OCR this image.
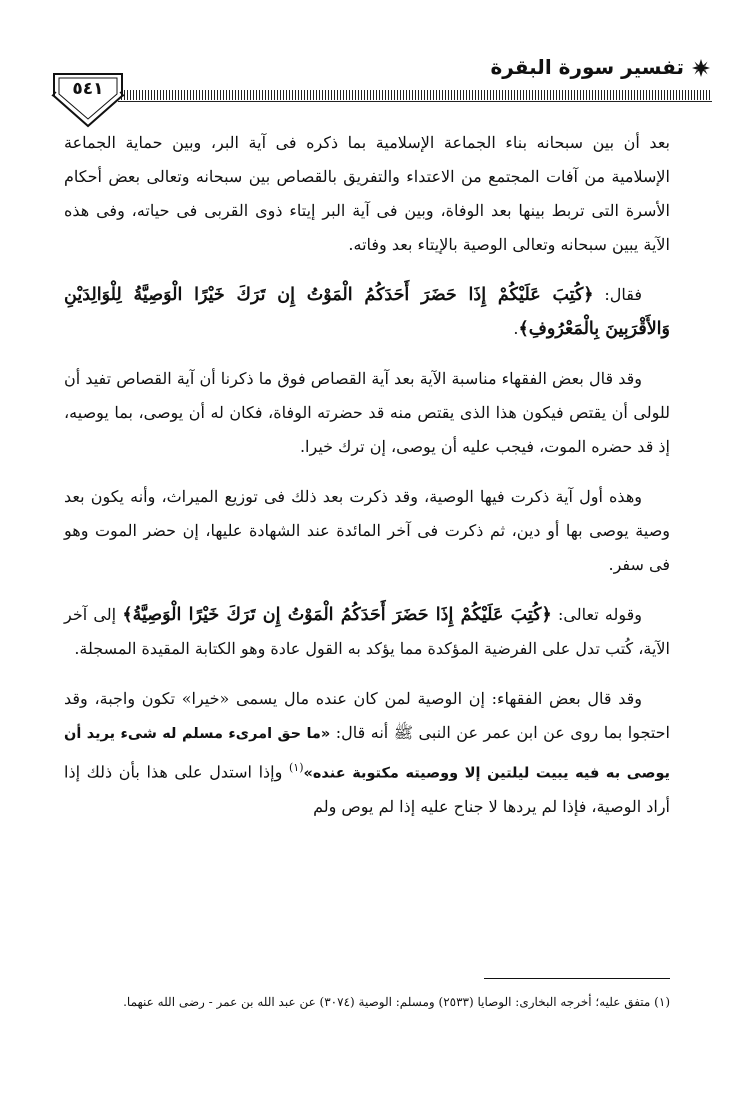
تفسير سورة البقرة
٥٤١

بعد أن بين سبحانه بناء الجماعة الإسلامية بما ذكره فى آية البر، وبين حماية الجماعة الإسلامية من آفات المجتمع من الاعتداء والتفريق بالقصاص بين سبحانه وتعالى بعض أحكام الأسرة التى تربط بينها بعد الوفاة، وبين فى آية البر إيتاء ذوى القربى فى حياته، وفى هذه الآية يبين سبحانه وتعالى الوصية بالإيتاء بعد وفاته.

فقال: ﴿كُتِبَ عَلَيْكُمْ إِذَا حَضَرَ أَحَدَكُمُ الْمَوْتُ إِن تَرَكَ خَيْرًا الْوَصِيَّةُ لِلْوَالِدَيْنِ وَالأَقْرَبِينَ بِالْمَعْرُوفِ﴾.

وقد قال بعض الفقهاء مناسبة الآية بعد آية القصاص فوق ما ذكرنا أن آية القصاص تفيد أن للولى أن يقتص فيكون هذا الذى يقتص منه قد حضرته الوفاة، فكان له أن يوصى، بما يوصيه، إذ قد حضره الموت، فيجب عليه أن يوصى، إن ترك خيرا.

وهذه أول آية ذكرت فيها الوصية، وقد ذكرت بعد ذلك فى توزيع الميراث، وأنه يكون بعد وصية يوصى بها أو دين، ثم ذكرت فى آخر المائدة عند الشهادة عليها، إن حضر الموت وهو فى سفر.

وقوله تعالى: ﴿كُتِبَ عَلَيْكُمْ إِذَا حَضَرَ أَحَدَكُمُ الْمَوْتُ إِن تَرَكَ خَيْرًا الْوَصِيَّةُ﴾ إلى آخر الآية، كُتب تدل على الفرضية المؤكدة مما يؤكد به القول عادة وهو الكتابة المقيدة المسجلة.

وقد قال بعض الفقهاء: إن الوصية لمن كان عنده مال يسمى «خيرا» تكون واجبة، وقد احتجوا بما روى عن ابن عمر عن النبى ﷺ أنه قال: «ما حق امرىء مسلم له شىء يريد أن يوصى به فيه يبيت ليلتين إلا ووصيته مكتوبة عنده»$^{(١)}$ وإذا استدل على هذا بأن ذلك إذا أراد الوصية، فإذا لم يردها لا جناح عليه إذا لم يوص ولم

(١) متفق عليه؛ أخرجه البخارى: الوصايا (٢٥٣٣) ومسلم: الوصية (٣٠٧٤) عن عبد الله بن عمر - رضى الله عنهما.
